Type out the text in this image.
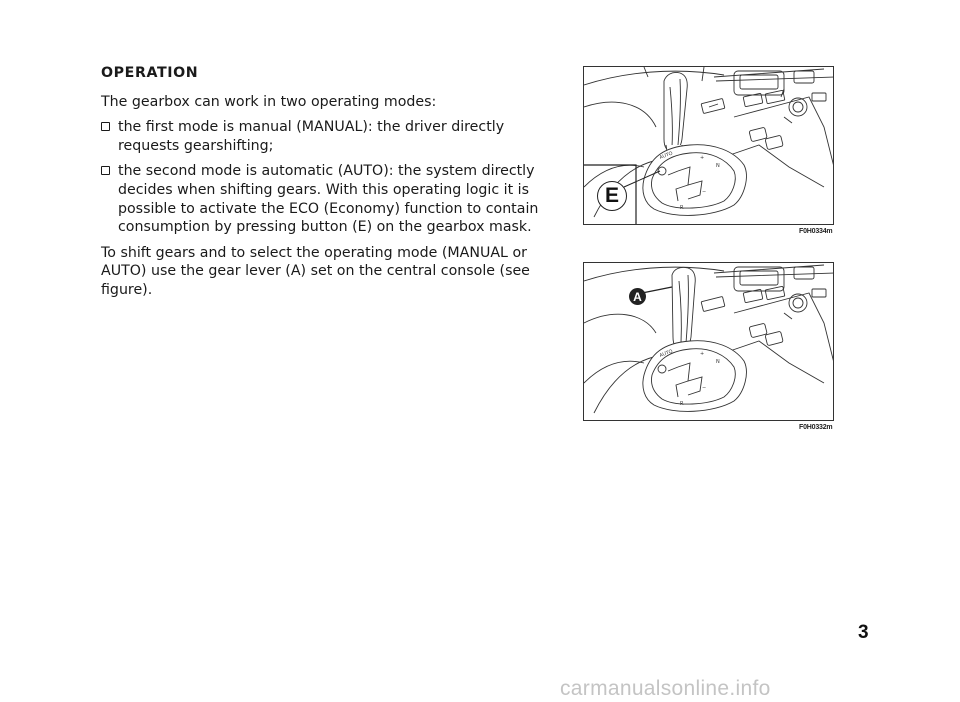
OPERATION

The gearbox can work in two operating modes:

the first mode is manual (MANUAL): the driver directly requests gearshifting;
the second mode is automatic (AUTO): the system directly decides when shifting gears. With this operating logic it is possible to activate the ECO (Economy) function to contain consumption by pressing button (E) on the gearbox mask.

To shift gears and to select the operating mode (MANUAL or AUTO) use the gear lever (A) set on the central console (see figure).

AUTO	+
N
−
R
E
F0H0334m
AUTO	+
N
−
R
A
F0H0332m
3
carmanualsonline.info
